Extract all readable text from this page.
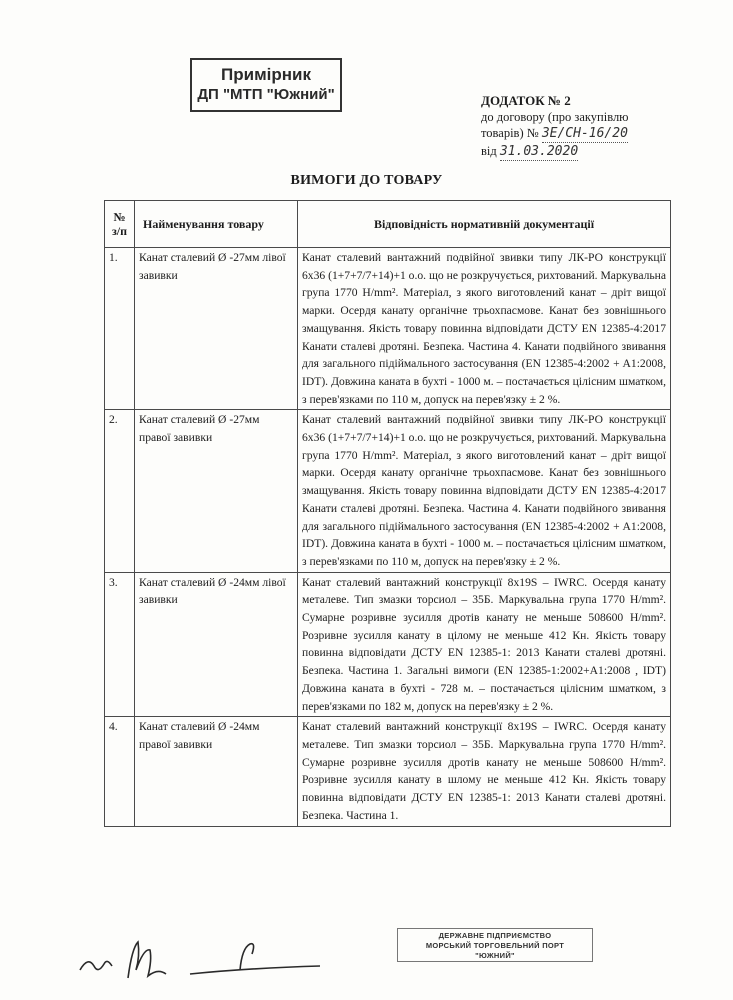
Примірник
ДП "МТП "Южний"	ДОДАТОК № 2
до договору (про закупівлю
товарів) № ЗЕ/СН-16/20
від 31.03.2020
ВИМОГИ ДО ТОВАРУ
№ з/п	Найменування товару	Відповідність нормативній документації
1.	Канат сталевий Ø -27мм лівої завивки	Канат сталевий вантажний подвійної звивки типу ЛК-РО конструкції 6х36 (1+7+7/7+14)+1 о.о. що не розкручується, рихтований. Маркувальна група 1770 Н/mm². Матеріал, з якого виготовлений канат – дріт вищої марки. Осердя канату органічне трьохпасмове. Канат без зовнішнього змащування. Якість товару повинна відповідати ДСТУ EN 12385-4:2017 Канати сталеві дротяні. Безпека. Частина 4. Канати подвійного звивання для загального підіймального застосування (EN 12385-4:2002 + A1:2008, IDT). Довжина каната в бухті - 1000 м. – постачається цілісним шматком, з перев'язками по 110 м, допуск на перев'язку ± 2 %.
2.	Канат сталевий Ø -27мм правої завивки	Канат сталевий вантажний подвійної звивки типу ЛК-РО конструкції 6х36 (1+7+7/7+14)+1 о.о. що не розкручується, рихтований. Маркувальна група 1770 Н/mm². Матеріал, з якого виготовлений канат – дріт вищої марки. Осердя канату органічне трьохпасмове. Канат без зовнішнього змащування. Якість товару повинна відповідати ДСТУ EN 12385-4:2017 Канати сталеві дротяні. Безпека. Частина 4. Канати подвійного звивання для загального підіймального застосування (EN 12385-4:2002 + A1:2008, IDT). Довжина каната в бухті - 1000 м. – постачається цілісним шматком, з перев'язками по 110 м, допуск на перев'язку ± 2 %.
3.	Канат сталевий Ø -24мм лівої завивки	Канат сталевий вантажний конструкції 8х19S – IWRC. Осердя канату металеве. Тип змазки торсиол – 35Б. Маркувальна група 1770 Н/mm². Сумарне розривне зусилля дротів канату не меньше 508600 Н/mm². Розривне зусилля канату в цілому не меньше 412 Кн. Якість товару повинна відповідати ДСТУ EN 12385-1: 2013 Канати сталеві дротяні. Безпека. Частина 1. Загальні вимоги (EN 12385-1:2002+A1:2008 , IDT) Довжина каната в бухті - 728 м. – постачається цілісним шматком, з перев'язками по 182 м, допуск на перев'язку ± 2 %.
4.	Канат сталевий Ø -24мм правої завивки	Канат сталевий вантажний конструкції 8х19S – IWRC. Осердя канату металеве. Тип змазки торсиол – 35Б. Маркувальна група 1770 Н/mm². Сумарне розривне зусилля дротів канату не меньше 508600 Н/mm². Розривне зусилля канату в шлому не меньше 412 Кн. Якість товару повинна відповідати ДСТУ EN 12385-1: 2013 Канати сталеві дротяні. Безпека. Частина 1.
ДЕРЖАВНЕ ПІДПРИЄМСТВО
МОРСЬКИЙ ТОРГОВЕЛЬНИЙ ПОРТ
"ЮЖНИЙ"
